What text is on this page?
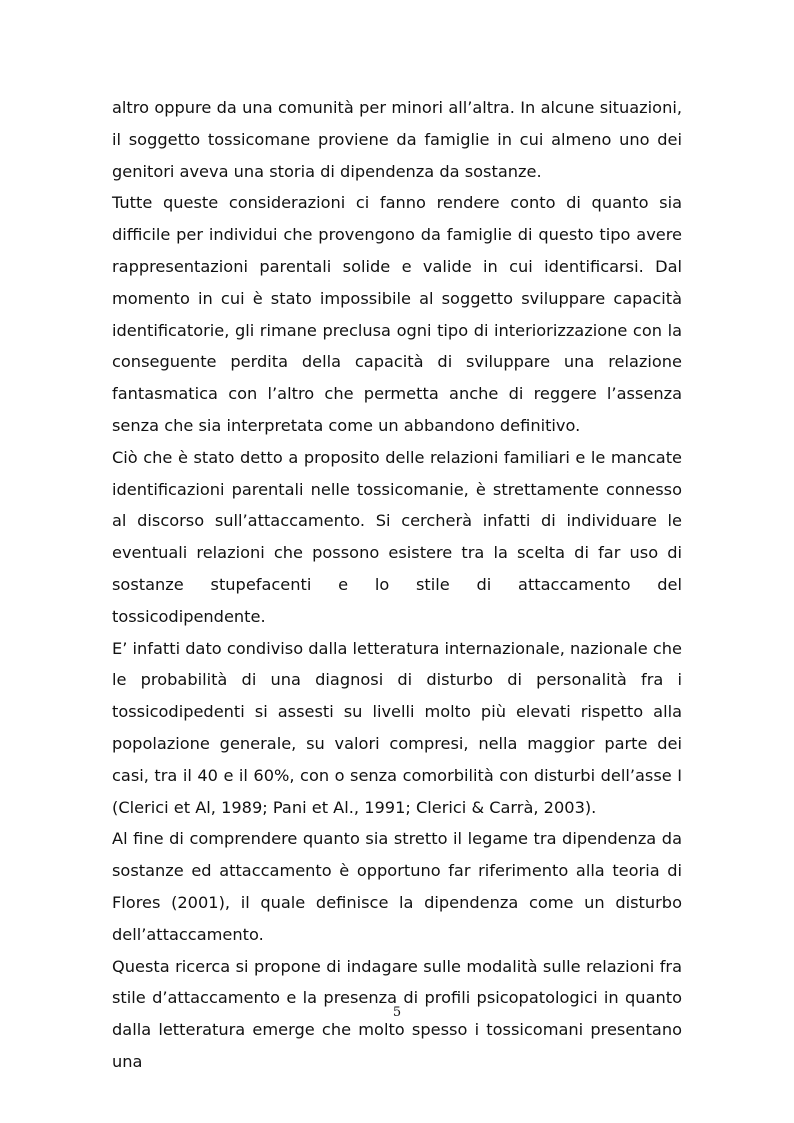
altro oppure da una comunità per minori all’altra. In alcune situazioni, il soggetto tossicomane proviene da famiglie in cui almeno uno dei genitori aveva una storia di dipendenza da sostanze.

Tutte queste considerazioni ci fanno rendere conto di quanto sia difficile per individui che provengono da famiglie di questo tipo avere rappresentazioni parentali solide e valide in cui identificarsi. Dal momento in cui è stato impossibile al soggetto sviluppare capacità identificatorie, gli rimane preclusa ogni tipo di interiorizzazione con la conseguente perdita della capacità di sviluppare una relazione fantasmatica con l’altro che permetta anche di reggere l’assenza senza che sia interpretata come un abbandono definitivo.

Ciò che è stato detto a proposito delle relazioni familiari e le mancate identificazioni parentali nelle tossicomanie, è strettamente connesso al discorso sull’attaccamento. Si cercherà infatti di individuare le eventuali relazioni che possono esistere tra la scelta di far uso di sostanze stupefacenti e lo stile di attaccamento del tossicodipendente.

E’ infatti dato condiviso dalla letteratura internazionale, nazionale che le probabilità di una diagnosi di disturbo di personalità fra i tossicodipedenti si assesti su livelli molto più elevati rispetto alla popolazione generale, su valori compresi, nella maggior parte dei casi, tra il 40 e il 60%, con o senza comorbilità con disturbi dell’asse I (Clerici et Al, 1989; Pani et Al., 1991; Clerici & Carrà, 2003).

Al fine di comprendere quanto sia stretto il legame tra dipendenza da sostanze ed attaccamento è opportuno far riferimento alla teoria di Flores (2001), il quale definisce la dipendenza come un disturbo dell’attaccamento.

Questa ricerca si propone di indagare sulle modalità sulle relazioni fra stile d’attaccamento e la presenza di profili psicopatologici in quanto dalla letteratura emerge che molto spesso i tossicomani presentano una

5
